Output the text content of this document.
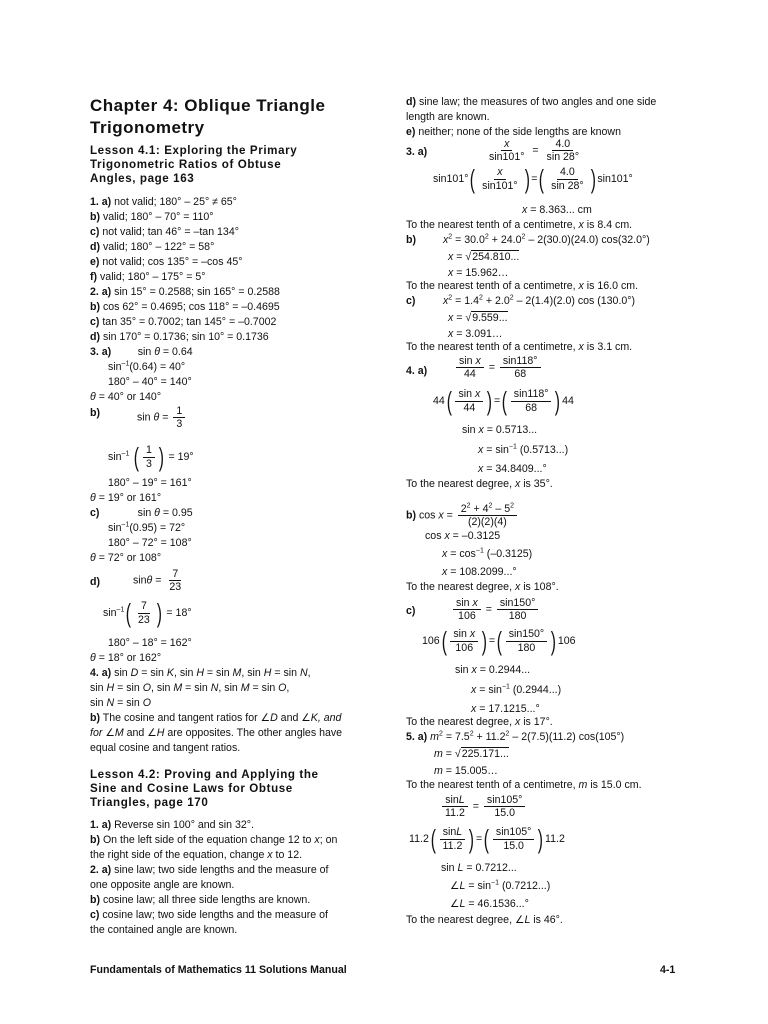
Chapter 4: Oblique Triangle
Trigonometry
Lesson 4.1: Exploring the Primary
Trigonometric Ratios of Obtuse
Angles, page 163
1. a) not valid; 180° – 25° ≠ 65°
b) valid; 180° – 70° = 110°
c) not valid; tan 46° = –tan 134°
d) valid; 180° – 122° = 58°
e) not valid; cos 135° = –cos 45°
f) valid; 180° – 175° = 5°
2. a) sin 15° = 0.2588; sin 165° = 0.2588
b) cos 62° = 0.4695; cos 118° = –0.4695
c) tan 35° = 0.7002; tan 145° = –0.7002
d) sin 170° = 0.1736; sin 10° = 0.1736
3. a)         sin θ = 0.64
$\sin^{-1}(0.64) = 40^\circ$
180° – 40° = 140°
θ = 40° or 140°
b)	$\sin \theta = \frac{1}{3}$
$\sin^{-1}$ ( $\frac{1}{3}$
) = 19°
180° – 19° = 161°
θ = 19° or 161°
c)             sin θ = 0.95
$\sin^{-1}(0.95) = 72^\circ$
180° – 72° = 108°
θ = 72° or 108°
d)	$\sin\theta = \frac{7}{23}$
$\sin^{-1}$ ( $\frac{7}{23}$
) = 18°
180° – 18° = 162°
θ = 18° or 162°
4. a) sin D = sin K, sin H = sin M, sin H = sin N,
sin H = sin O, sin M = sin N, sin M = sin O,
sin N = sin O
b) The cosine and tangent ratios for ∠D and ∠K, and
for ∠M and ∠H are opposites. The other angles have
equal cosine and tangent ratios.
Lesson 4.2: Proving and Applying the
Sine and Cosine Laws for Obtuse
Triangles, page 170
1. a) Reverse sin 100° and sin 32°.
b) On the left side of the equation change 12 to x; on
the right side of the equation, change x to 12.
2. a) sine law; two side lengths and the measure of
one opposite angle are known.
b) cosine law; all three side lengths are known.
c) cosine law; two side lengths and the measure of
the contained angle are known.
d) sine law; the measures of two angles and one side
length are known.
e) neither; none of the side lengths are known
3. a)	$\frac{x}{\sin 101^\circ} = \frac{4.0}{\sin 28^\circ}$
sin101° ( $\frac{x}{\sin 101^\circ}$
) = ( $\frac{4.0}{\sin 28^\circ}$
) sin101°
x = 8.363... cm
To the nearest tenth of a centimetre, x is 8.4 cm.
b)	$x^2 = 30.0^2 + 24.0^2 - 2(30.0)(24.0)$ cos(32.0°)
x = √254.810...
x = 15.962…
To the nearest tenth of a centimetre, x is 16.0 cm.
c)	$x^2 = 1.4^2 + 2.0^2 - 2(1.4)(2.0)$ cos (130.0°)
x = √9.559...
x = 3.091…
To the nearest tenth of a centimetre, x is 3.1 cm.
4. a)	$\frac{\text{sin x}}{44} = \frac{\sin 118^\circ}{68}$
44 ( $\frac{\text{sin x}}{44}$
) = ( $\frac{\sin 118^\circ}{68}$
) 44
sin x = 0.5713...
$x = \sin^{-1} (0.5713...)$
x = 34.8409...°
To the nearest degree, x is 35°.
b) $\cos x = \frac{2^2 + 4^2 - 5^2}{(2)(2)(4)}$
cos x = –0.3125
$x = \cos^{-1} (-0.3125)$
x = 108.2099...°
To the nearest degree, x is 108°.
c)	$\frac{\text{sin x}}{106} = \frac{\sin 150^\circ}{180}$
106 ( $\frac{\text{sin x}}{106}$
) = ( $\frac{\sin 150^\circ}{180}$
) 106
sin x = 0.2944...
$x = \sin^{-1} (0.2944...)$
x = 17.1215...°
To the nearest degree, x is 17°.
5. a) $m^2 = 7.5^2 + 11.2^2 - 2(7.5)(11.2)$ cos(105°)
m = √225.171...
m = 15.005…
To the nearest tenth of a centimetre, m is 15.0 cm.
$\frac{\sin L}{11.2} = \frac{\sin 105^\circ}{15.0}$
11.2 ( $\frac{\sin L}{11.2}$
) = ( $\frac{\sin 105^\circ}{15.0}$
) 11.2
sin L = 0.7212...
∠L = $\sin^{-1} (0.7212...)$
∠L = 46.1536...°
To the nearest degree, ∠L is 46°.
Fundamentals of Mathematics 11 Solutions Manual	4-1
